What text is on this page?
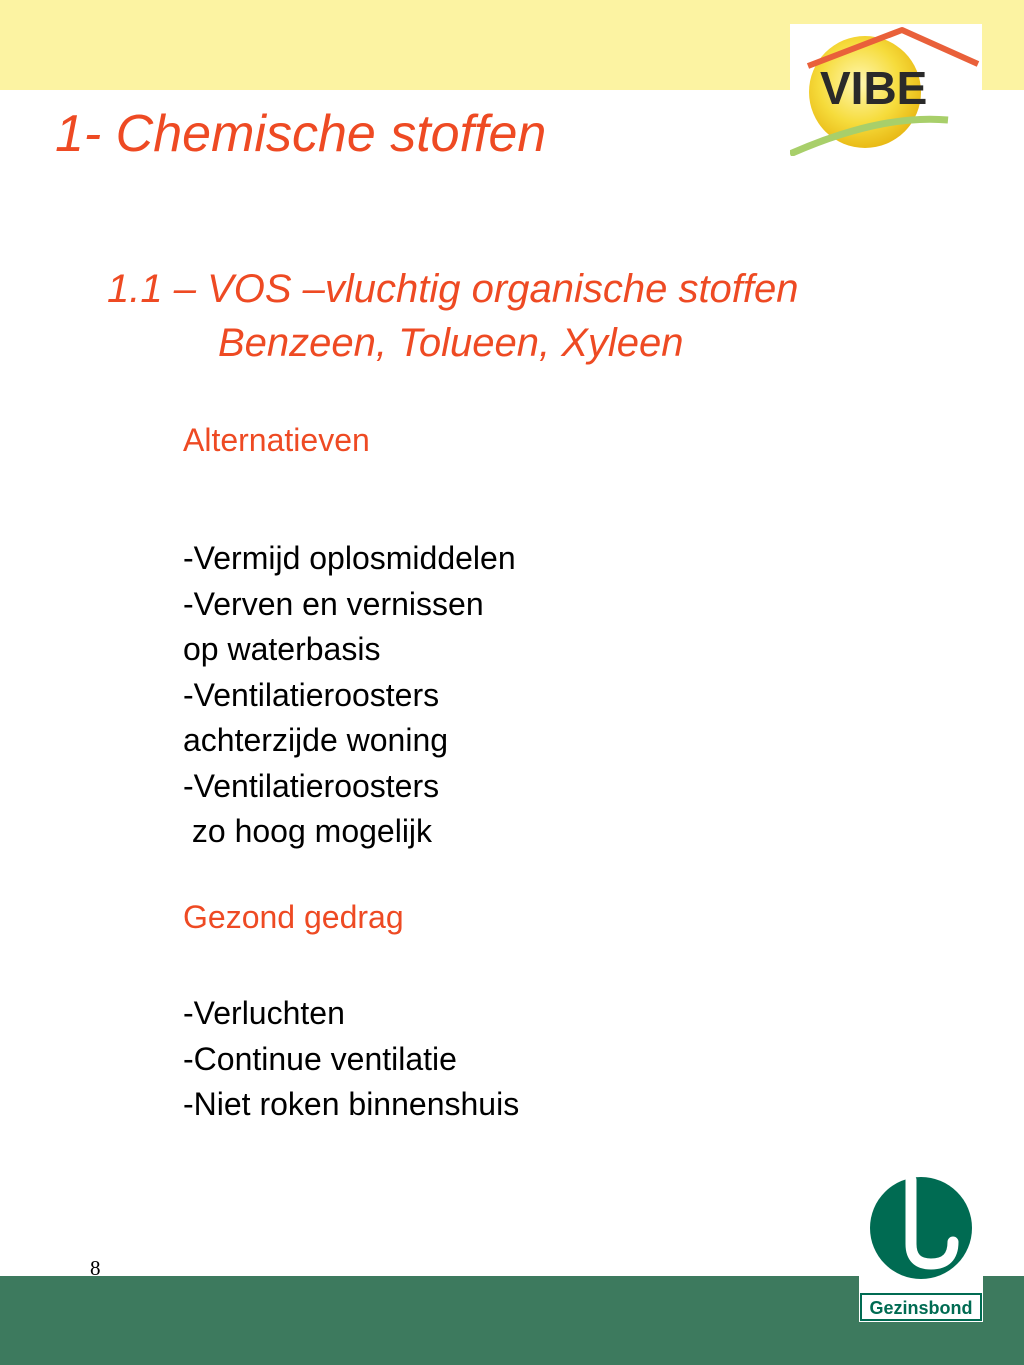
VIBE
1- Chemische stoffen
1.1 – VOS –vluchtig organische stoffen
Benzeen, Tolueen, Xyleen
Alternatieven
-Vermijd oplosmiddelen
-Verven en vernissen
op waterbasis
-Ventilatieroosters
achterzijde woning
-Ventilatieroosters
zo hoog mogelijk
Gezond gedrag
-Verluchten
-Continue ventilatie
-Niet roken binnenshuis
8
Gezinsbond
